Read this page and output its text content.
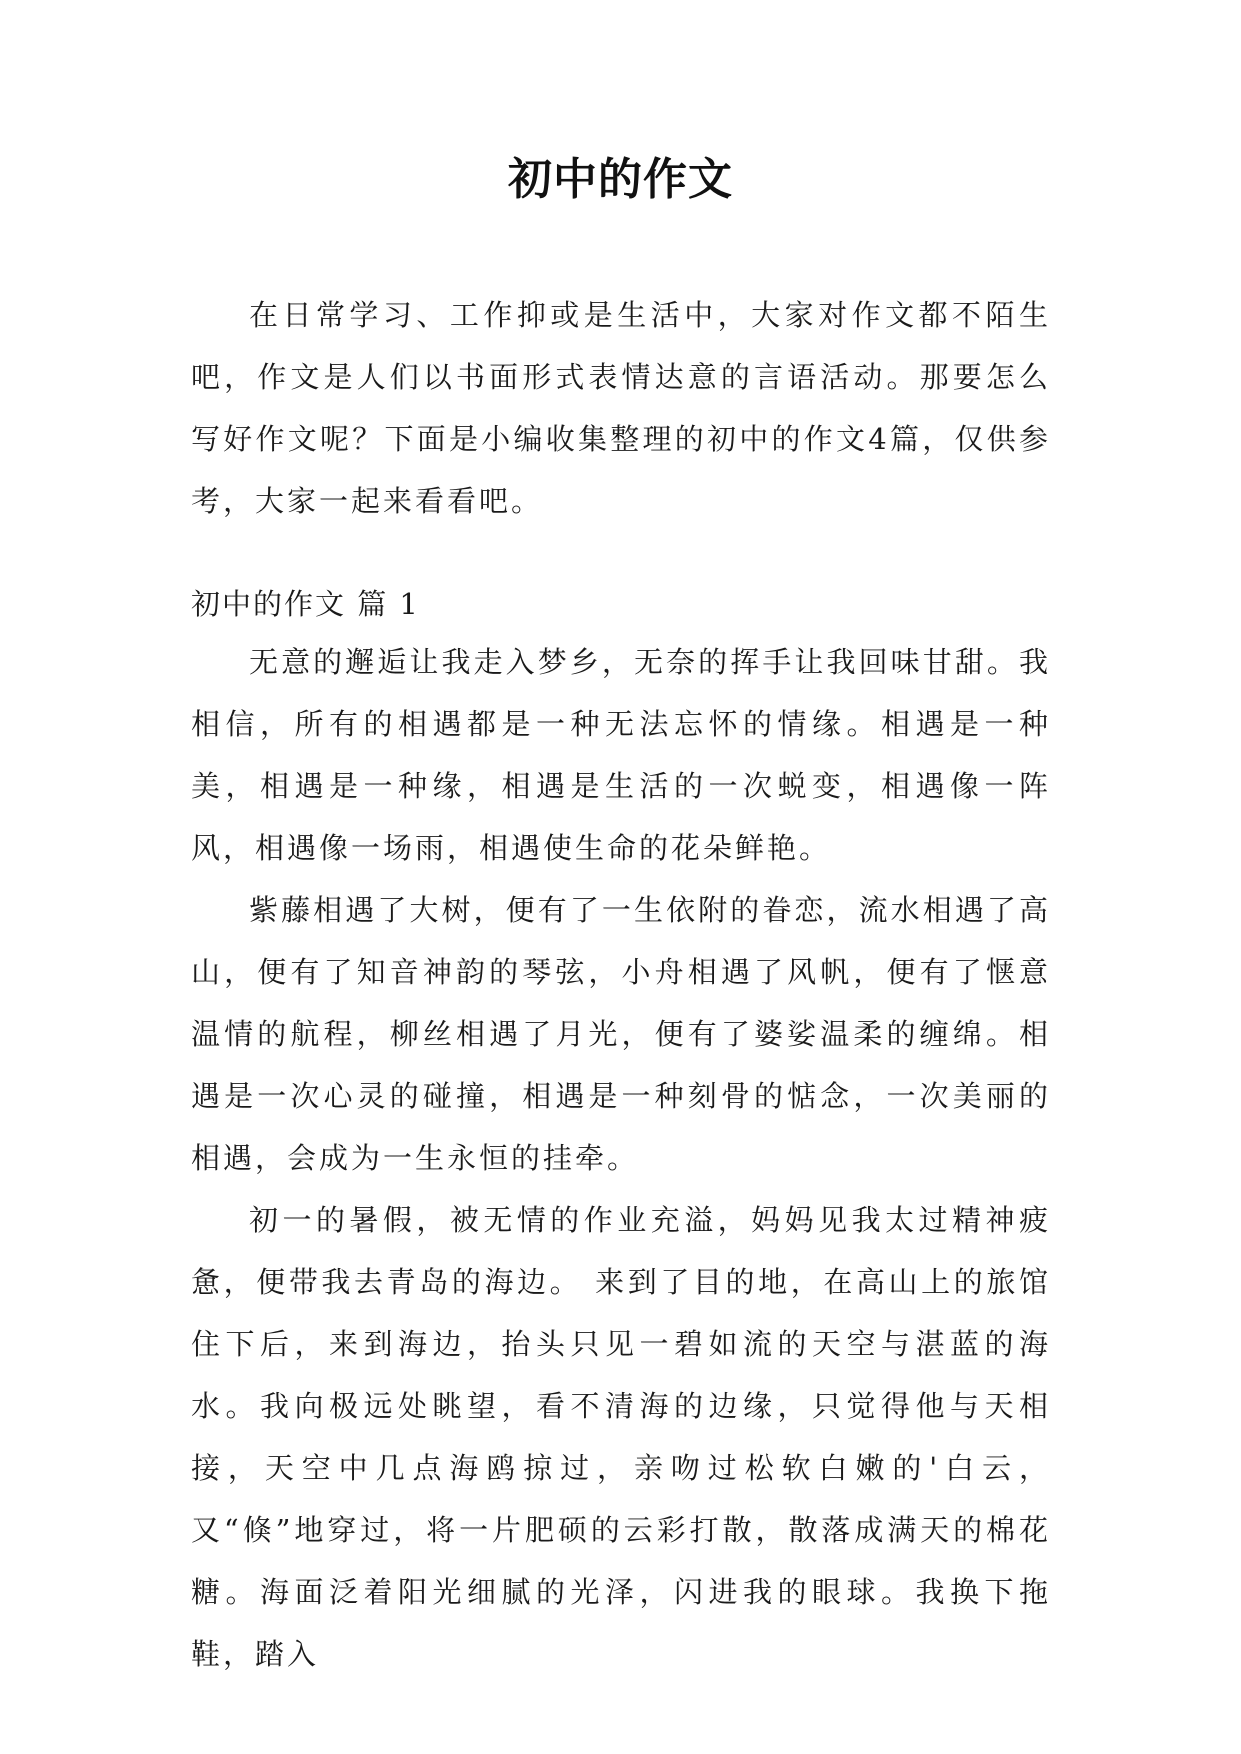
初中的作文

在日常学习、工作抑或是生活中，大家对作文都不陌生吧，作文是人们以书面形式表情达意的言语活动。那要怎么写好作文呢？下面是小编收集整理的初中的作文4篇，仅供参考，大家一起来看看吧。

初中的作文 篇 1

无意的邂逅让我走入梦乡，无奈的挥手让我回味甘甜。我相信，所有的相遇都是一种无法忘怀的情缘。相遇是一种美，相遇是一种缘，相遇是生活的一次蜕变，相遇像一阵风，相遇像一场雨，相遇使生命的花朵鲜艳。

紫藤相遇了大树，便有了一生依附的眷恋，流水相遇了高山，便有了知音神韵的琴弦，小舟相遇了风帆，便有了惬意温情的航程，柳丝相遇了月光，便有了婆娑温柔的缠绵。相遇是一次心灵的碰撞，相遇是一种刻骨的惦念，一次美丽的相遇，会成为一生永恒的挂牵。

初一的暑假，被无情的作业充溢，妈妈见我太过精神疲惫，便带我去青岛的海边。 来到了目的地，在高山上的旅馆住下后，来到海边，抬头只见一碧如流的天空与湛蓝的海水。我向极远处眺望，看不清海的边缘，只觉得他与天相接，天空中几点海鸥掠过，亲吻过松软白嫩的'白云，又“倏”地穿过，将一片肥硕的云彩打散，散落成满天的棉花糖。海面泛着阳光细腻的光泽，闪进我的眼球。我换下拖鞋，踏入
